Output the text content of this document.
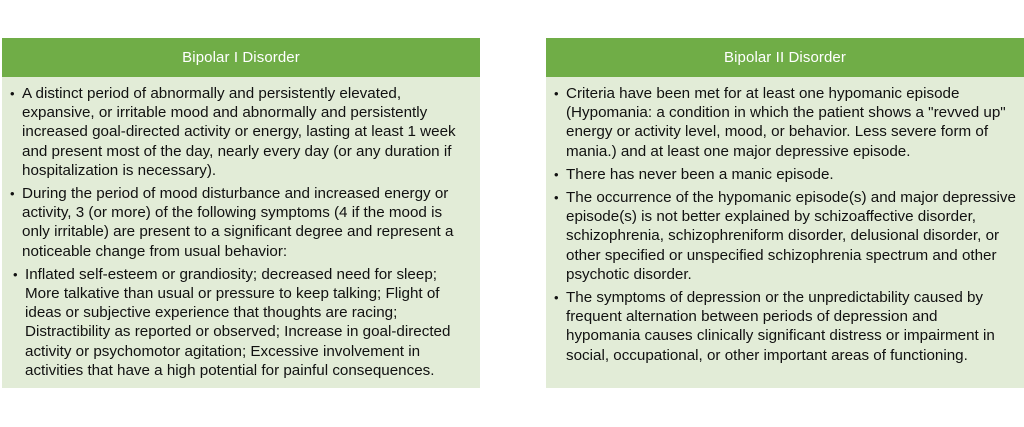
Bipolar I Disorder
• A distinct period of abnormally and persistently elevated, expansive, or irritable mood and abnormally and persistently increased goal-directed activity or energy, lasting at least 1 week and present most of the day, nearly every day (or any duration if hospitalization is necessary).
• During the period of mood disturbance and increased energy or activity, 3 (or more) of the following symptoms (4 if the mood is only irritable) are present to a significant degree and represent a noticeable change from usual behavior:
• Inflated self-esteem or grandiosity; decreased need for sleep; More talkative than usual or pressure to keep talking; Flight of ideas or subjective experience that thoughts are racing; Distractibility as reported or observed; Increase in goal-directed activity or psychomotor agitation; Excessive involvement in activities that have a high potential for painful consequences.
Bipolar II Disorder
• Criteria have been met for at least one hypomanic episode (Hypomania: a condition in which the patient shows a "revved up" energy or activity level, mood, or behavior. Less severe form of mania.) and at least one major depressive episode.
• There has never been a manic episode.
• The occurrence of the hypomanic episode(s) and major depressive episode(s) is not better explained by schizoaffective disorder, schizophrenia, schizophreniform disorder, delusional disorder, or other specified or unspecified schizophrenia spectrum and other psychotic disorder.
• The symptoms of depression or the unpredictability caused by frequent alternation between periods of depression and hypomania causes clinically significant distress or impairment in social, occupational, or other important areas of functioning.
